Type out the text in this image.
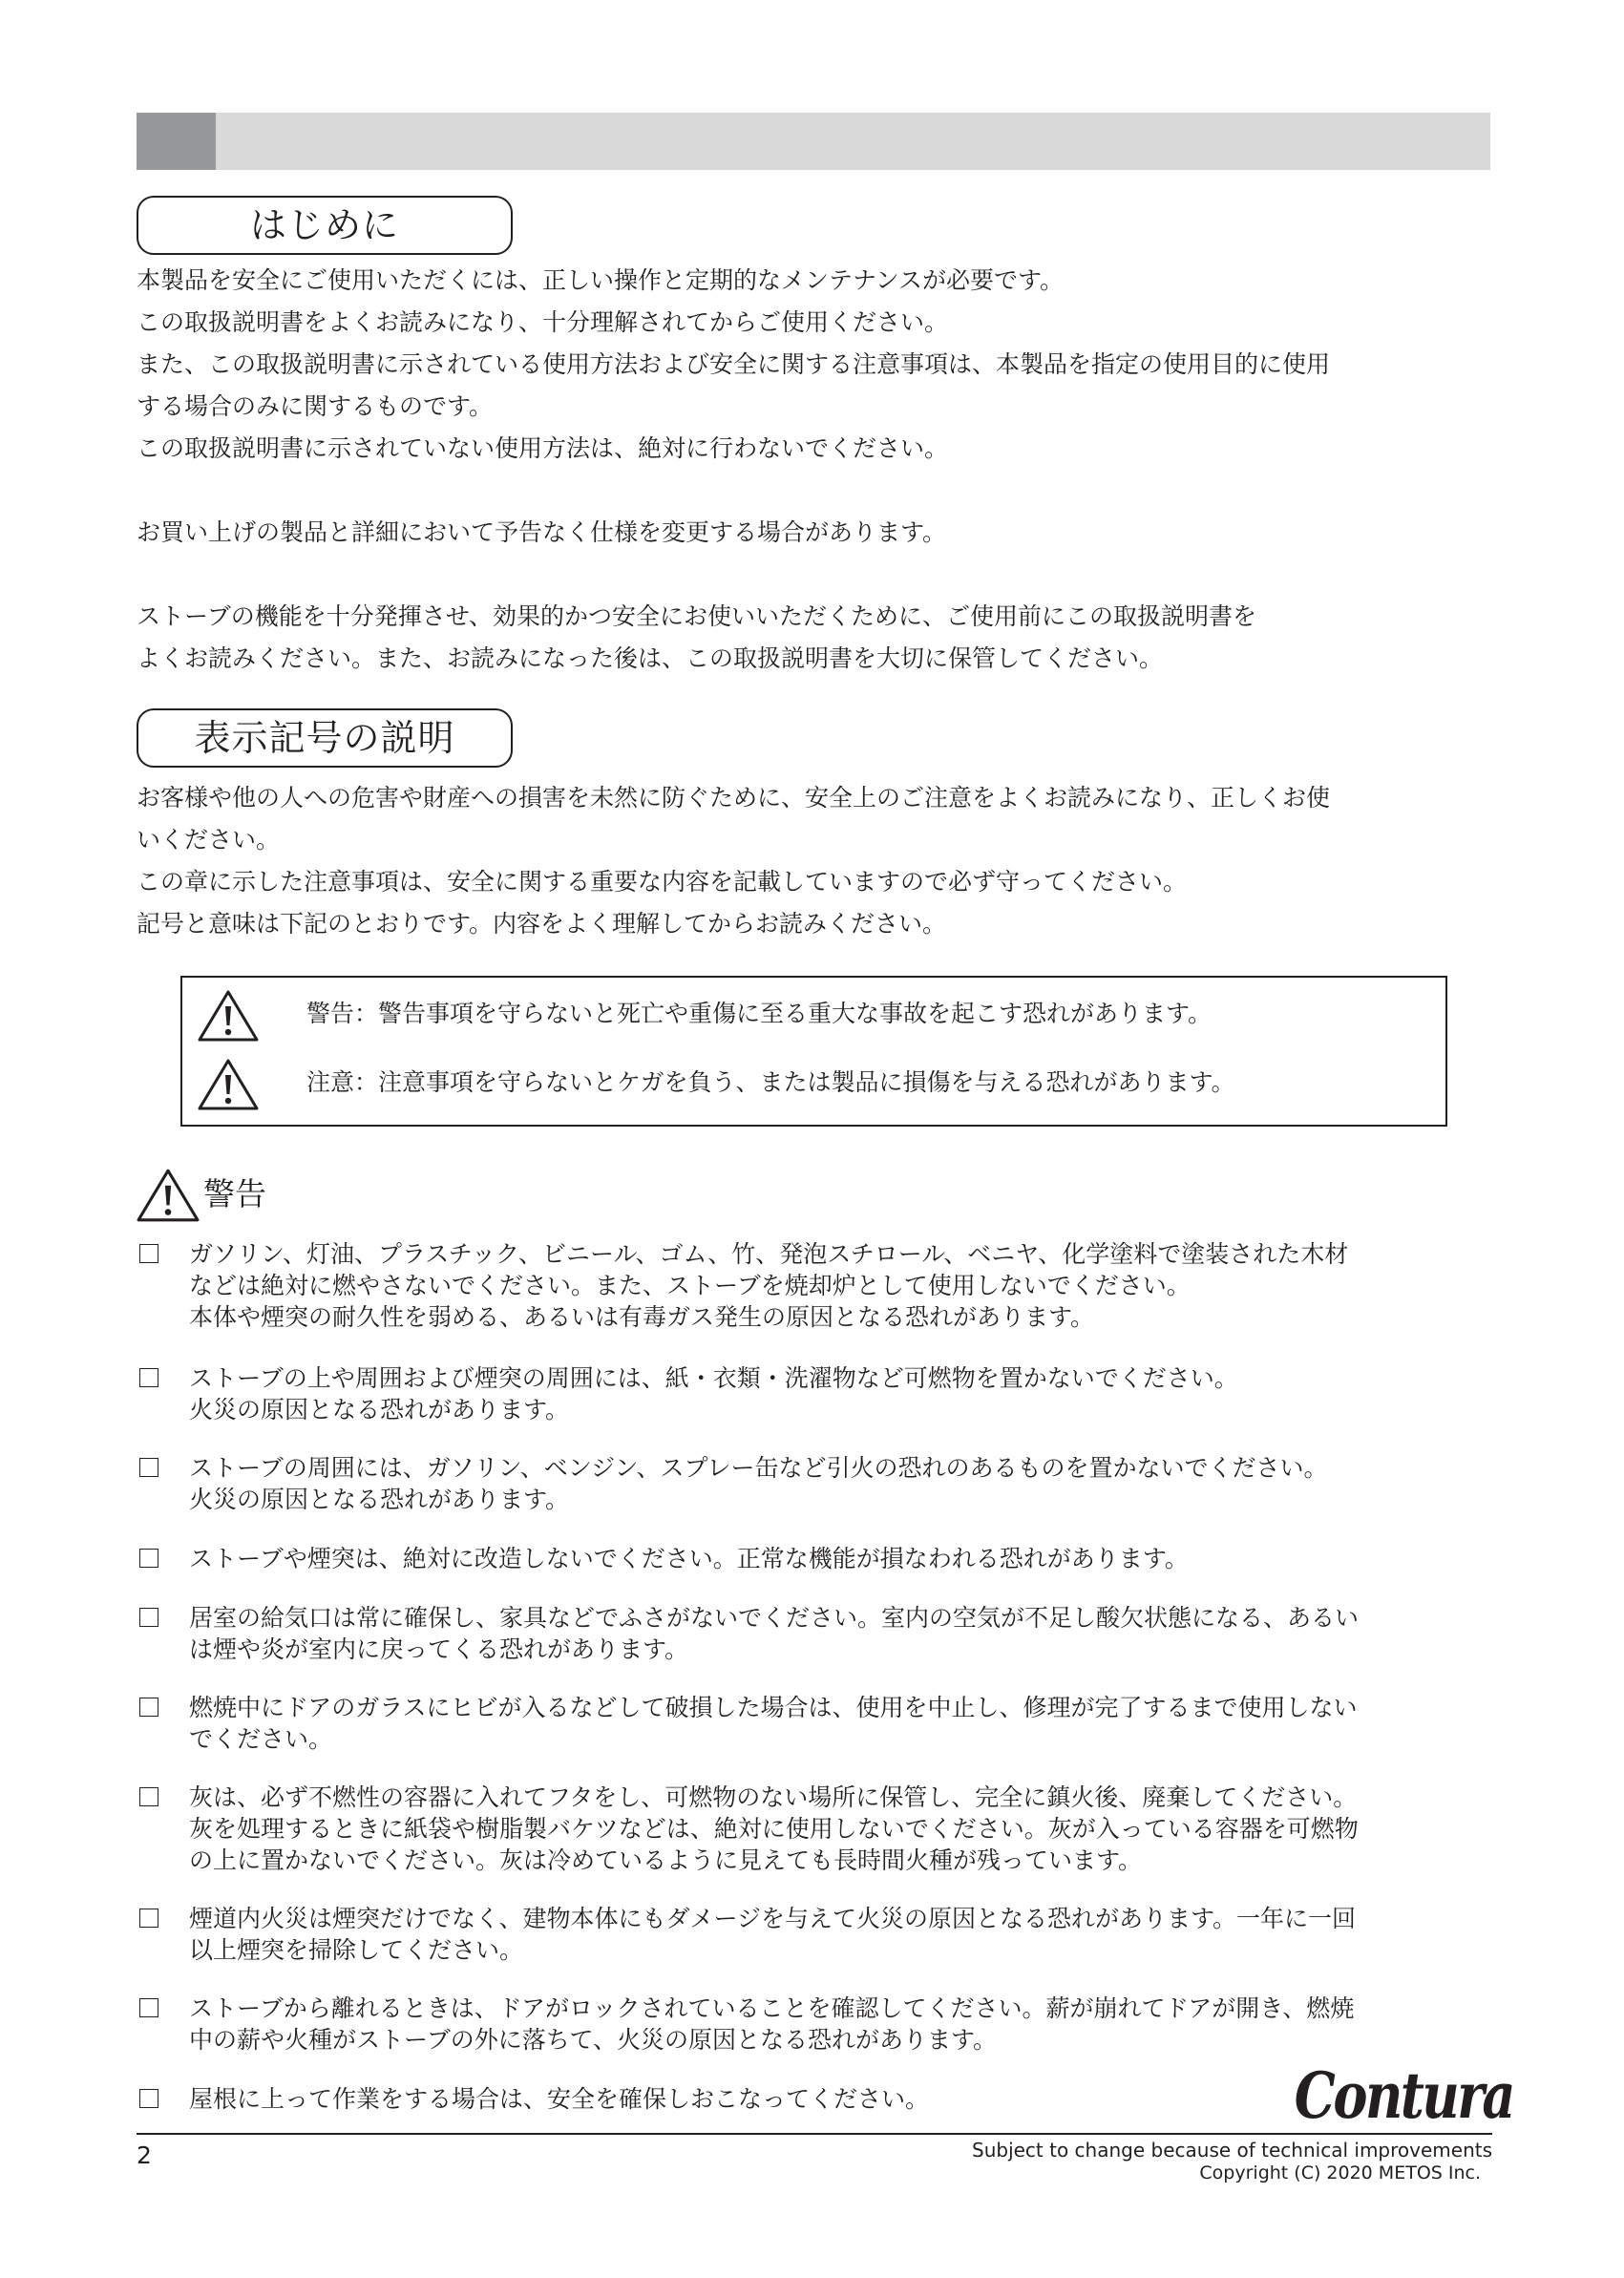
はじめに

本製品を安全にご使用いただくには、正しい操作と定期的なメンテナンスが必要です。

この取扱説明書をよくお読みになり、十分理解されてからご使用ください。

また、この取扱説明書に示されている使用方法および安全に関する注意事項は、本製品を指定の使用目的に使用

する場合のみに関するものです。

この取扱説明書に示されていない使用方法は、絶対に行わないでください。

お買い上げの製品と詳細において予告なく仕様を変更する場合があります。

ストーブの機能を十分発揮させ、効果的かつ安全にお使いいただくために、ご使用前にこの取扱説明書を

よくお読みください。また、お読みになった後は、この取扱説明書を大切に保管してください。

表示記号の説明

お客様や他の人への危害や財産への損害を未然に防ぐために、安全上のご注意をよくお読みになり、正しくお使

いください。

この章に示した注意事項は、安全に関する重要な内容を記載していますので必ず守ってください。

記号と意味は下記のとおりです。内容をよく理解してからお読みください。

警告：警告事項を守らないと死亡や重傷に至る重大な事故を起こす恐れがあります。
注意：注意事項を守らないとケガを負う、または製品に損傷を与える恐れがあります。
警告
ガソリン、灯油、プラスチック、ビニール、ゴム、竹、発泡スチロール、ベニヤ、化学塗料で塗装された木材
などは絶対に燃やさないでください。また、ストーブを焼却炉として使用しないでください。
本体や煙突の耐久性を弱める、あるいは有毒ガス発生の原因となる恐れがあります。
ストーブの上や周囲および煙突の周囲には、紙・衣類・洗濯物など可燃物を置かないでください。
火災の原因となる恐れがあります。
ストーブの周囲には、ガソリン、ベンジン、スプレー缶など引火の恐れのあるものを置かないでください。
火災の原因となる恐れがあります。
ストーブや煙突は、絶対に改造しないでください。正常な機能が損なわれる恐れがあります。
居室の給気口は常に確保し、家具などでふさがないでください。室内の空気が不足し酸欠状態になる、あるい
は煙や炎が室内に戻ってくる恐れがあります。
燃焼中にドアのガラスにヒビが入るなどして破損した場合は、使用を中止し、修理が完了するまで使用しない
でください。
灰は、必ず不燃性の容器に入れてフタをし、可燃物のない場所に保管し、完全に鎮火後、廃棄してください。
灰を処理するときに紙袋や樹脂製バケツなどは、絶対に使用しないでください。灰が入っている容器を可燃物
の上に置かないでください。灰は冷めているように見えても長時間火種が残っています。
煙道内火災は煙突だけでなく、建物本体にもダメージを与えて火災の原因となる恐れがあります。一年に一回
以上煙突を掃除してください。
ストーブから離れるときは、ドアがロックされていることを確認してください。薪が崩れてドアが開き、燃焼
中の薪や火種がストーブの外に落ちて、火災の原因となる恐れがあります。
屋根に上って作業をする場合は、安全を確保しおこなってください。	Contura
2	Subject to change because of technical improvements
Copyright (C) 2020 METOS Inc.
